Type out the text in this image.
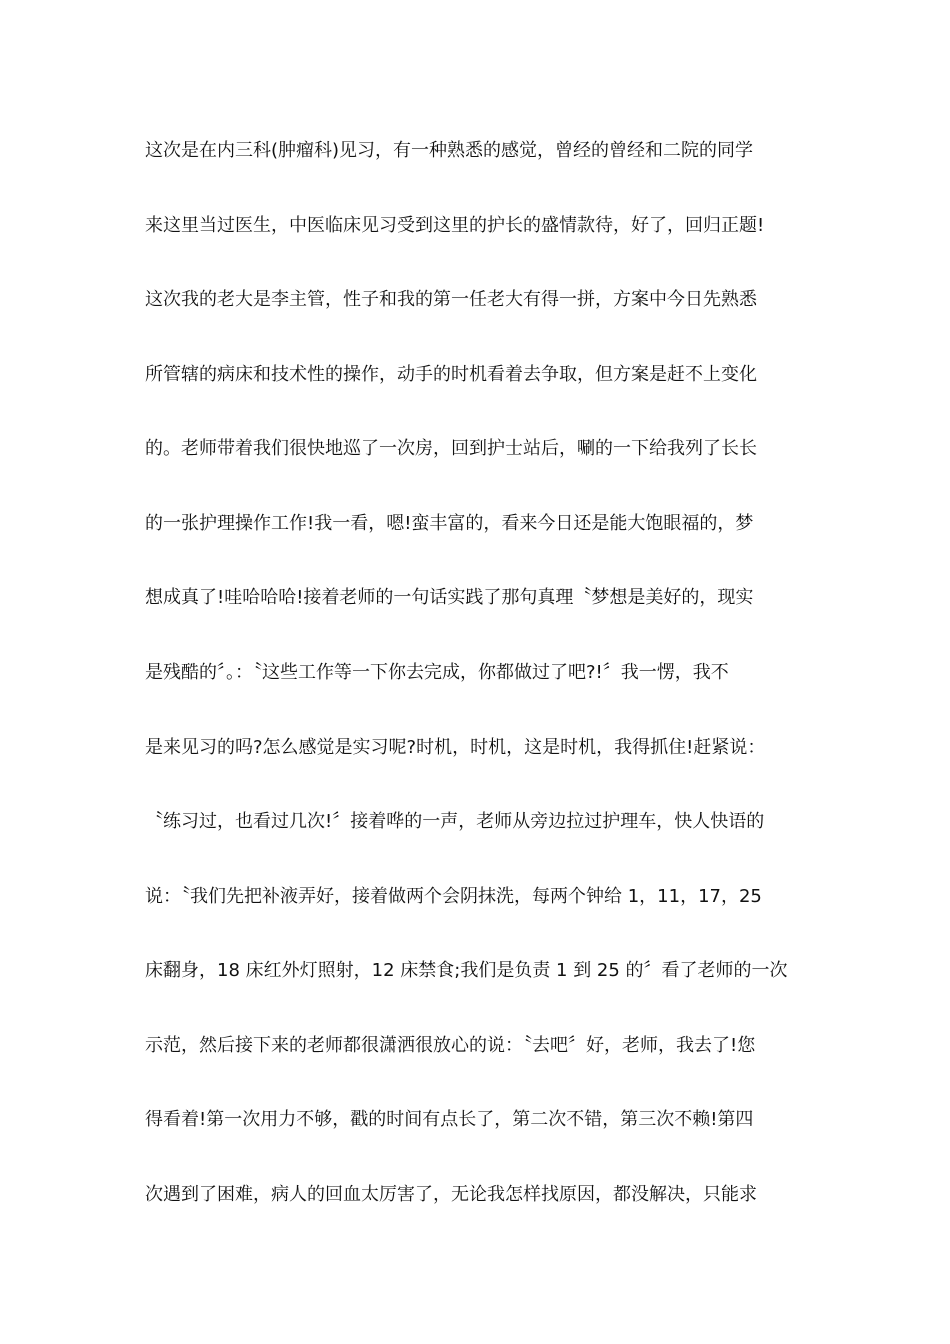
这次是在内三科(肿瘤科)见习，有一种熟悉的感觉，曾经的曾经和二院的同学
来这里当过医生，中医临床见习受到这里的护长的盛情款待，好了，回归正题!
这次我的老大是李主管，性子和我的第一任老大有得一拼，方案中今日先熟悉
所管辖的病床和技术性的操作，动手的时机看着去争取，但方案是赶不上变化
的。老师带着我们很快地巡了一次房，回到护士站后，唰的一下给我列了长长
的一张护理操作工作!我一看，嗯!蛮丰富的，看来今日还是能大饱眼福的，梦
想成真了!哇哈哈哈!接着老师的一句话实践了那句真理〝梦想是美好的，现实
是残酷的〞。：〝这些工作等一下你去完成，你都做过了吧?!〞我一愣，我不
是来见习的吗?怎么感觉是实习呢?时机，时机，这是时机，我得抓住!赶紧说：
〝练习过，也看过几次!〞接着哗的一声，老师从旁边拉过护理车，快人快语的
说：〝我们先把补液弄好，接着做两个会阴抹洗，每两个钟给 1，11，17，25
床翻身，18 床红外灯照射，12 床禁食;我们是负责 1 到 25 的〞看了老师的一次
示范，然后接下来的老师都很潇洒很放心的说：〝去吧〞好，老师，我去了!您
得看着!第一次用力不够，戳的时间有点长了，第二次不错，第三次不赖!第四
次遇到了困难，病人的回血太厉害了，无论我怎样找原因，都没解决，只能求
